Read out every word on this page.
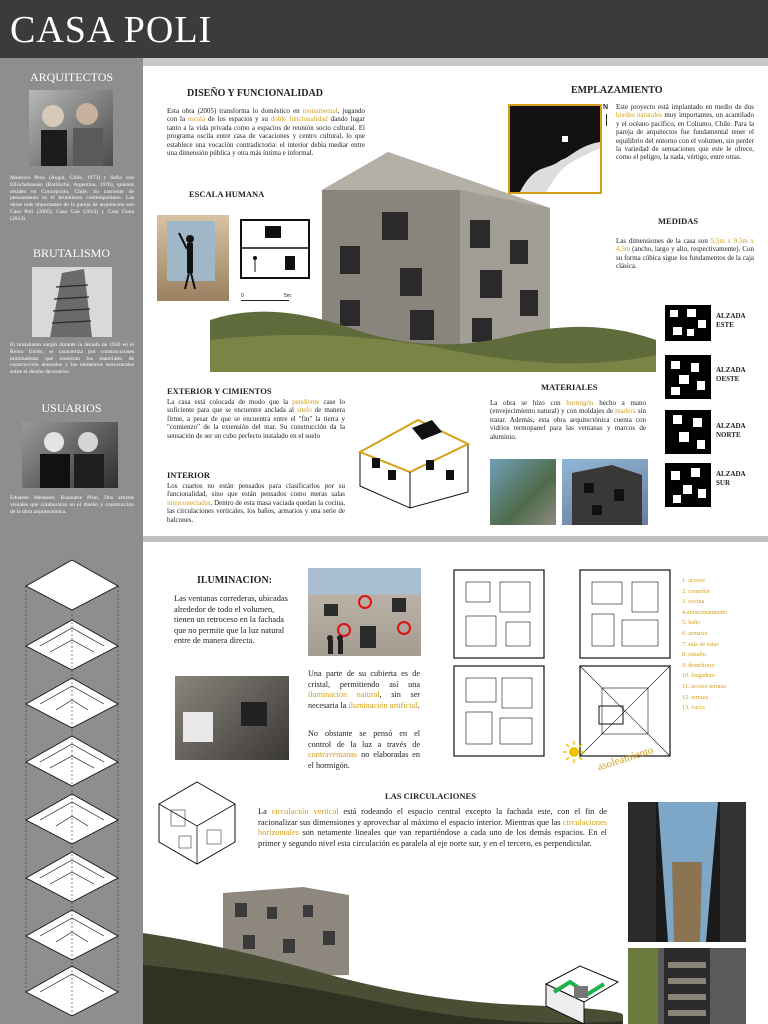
CASA POLI
ARQUITECTOS
Mauricio Pezo (Angol, Chile, 1973) y Sofía von Ellrichshausen (Bariloche, Argentina, 1976), quienes residen en Concepción, Chile. Su corriente de pensamiento es el brutalismo contemporáneo. Las obras más importantes de la pareja de arquitectos son Casa Poli (2005), Casa Gao (2013) y Casa Guna (2014)
BRUTALISMO
El brutalismo surgió durante la década de 1950 en el Reino Unido, se caracteriza por construcciones minimalistas que muestran los materiales de construcción desnudos y los elementos estructurales sobre el diseño decorativo.
USUARIOS
Eduardo Meissner, Rosmarie Prim. Dos artistas visuales que colaboraron en el diseño y construcción de la obra arquitectónica.
DISEÑO Y FUNCIONALIDAD
Esta obra (2005) transforma lo doméstico en monumental, jugando con la escala de los espacios y su doble funcionalidad dando lugar tanto a la vida privada como a espacios de reunión socio cultural. El programa oscila entre casa de vacaciones y centro cultural, lo que establece una vocación contradictoria: el interior debía mediar entre una dimensión pública y otra más íntima e informal.
ESCALA HUMANA
0	5m
EMPLAZAMIENTO
N Este proyecto está implantado en medio de dos bordes naturales muy importantes, un acantilado y el océano pacífico, en Coliumo, Chile. Para la pareja de arquitectos fue fundamental tener el equilibrio del entorno con el volumen, sin perder la variedad de sensaciones que este le ofrece, como el peligro, la nada, vértigo, entre otras.
MEDIDAS
Las dimensiones de la casa son 9,5m x 9,5m x 4,5m (ancho, largo y alto, respectivamente). Con su forma cúbica sigue los fundamentos de la caja clásica.
ALZADA ESTE
ALZADA OESTE
ALZADA NORTE
ALZADA SUR
EXTERIOR Y CIMIENTOS
La casa está colocada de modo que la pendiente case lo suficiente para que se encuentre anclada al suelo de manera firme, a pesar de que se encuentra entre el "fin" la tierra y "comienzo" de la extensión del mar. Su construcción da la sensación de ser un cubo perfecto instalado en el suelo
INTERIOR
Los cuartos no están pensados para clasificarlos por su funcionalidad, sino que están pensados como meras salas interconectadas. Dentro de esta masa vaciada quedan la cocina, las circulaciones verticales, los baños, armarios y una serie de balcones.
MATERIALES
La obra se hizo con hormigón hecho a mano (envejecimiento natural) y con moldajes de madera sin tratar. Además, esta obra arquitectónica cuenta con vidrios termopanel para las ventanas y marcos de aluminio.
ILUMINACION:
Las ventanas correderas, ubicadas alrededor de todo el volumen, tienen un retroceso en la fachada que no permite que la luz natural entre de manera directa.
Una parte de su cubierta es de cristal, permitiendo así una iluminación natural, sin ser necesaria la iluminación artificial.
No obstante se pensó en el control de la luz a través de contraventanas no elaboradas en el hormigón.
1. acceso
2. comedor
3. cocina
4.almacenamiento
5. baño
6. armario
7. sala de estar
8. estudio
9. dormitorio
10. fregadero
11. acceso terraza
12. terraza
13. vacío
asoleamiento
LAS CIRCULACIONES
La circulación vertical está rodeando el espacio central excepto la fachada este, con el fin de racionalizar sus dimensiones y aprovechar al máximo el espacio interior. Mientras que las circulaciones horizontales son netamente lineales que van repartiéndose a cada uno de los demás espacios. En el primer y segundo nivel esta circulación es paralela al eje norte sur, y en el tercero, es perpendicular.
